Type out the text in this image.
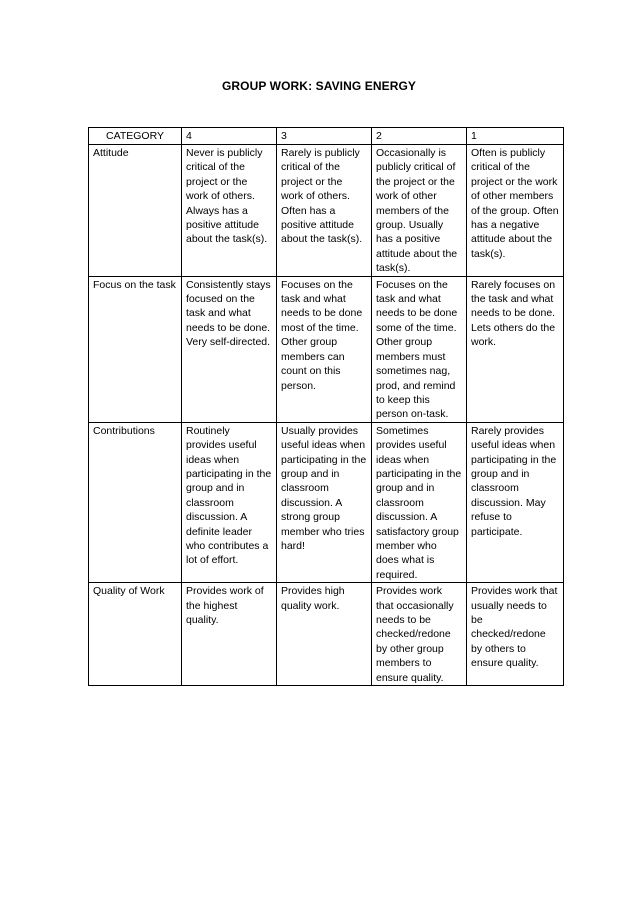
GROUP WORK: SAVING ENERGY
CATEGORY	4	3	2	1
Attitude	Never is publicly critical of the project or the work of others. Always has a positive attitude about the task(s).	Rarely is publicly critical of the project or the work of others. Often has a positive attitude about the task(s).	Occasionally is publicly critical of the project or the work of other members of the group. Usually has a positive attitude about the task(s).	Often is publicly critical of the project or the work of other members of the group. Often has a negative attitude about the task(s).
Focus on the task	Consistently stays focused on the task and what needs to be done. Very self-directed.	Focuses on the task and what needs to be done most of the time. Other group members can count on this person.	Focuses on the task and what needs to be done some of the time. Other group members must sometimes nag, prod, and remind to keep this person on-task.	Rarely focuses on the task and what needs to be done. Lets others do the work.
Contributions	Routinely provides useful ideas when participating in the group and in classroom discussion. A definite leader who contributes a lot of effort.	Usually provides useful ideas when participating in the group and in classroom discussion. A strong group member who tries hard!	Sometimes provides useful ideas when participating in the group and in classroom discussion. A satisfactory group member who does what is required.	Rarely provides useful ideas when participating in the group and in classroom discussion. May refuse to participate.
Quality of Work	Provides work of the highest quality.	Provides high quality work.	Provides work that occasionally needs to be checked/redone by other group members to ensure quality.	Provides work that usually needs to be checked/redone by others to ensure quality.
